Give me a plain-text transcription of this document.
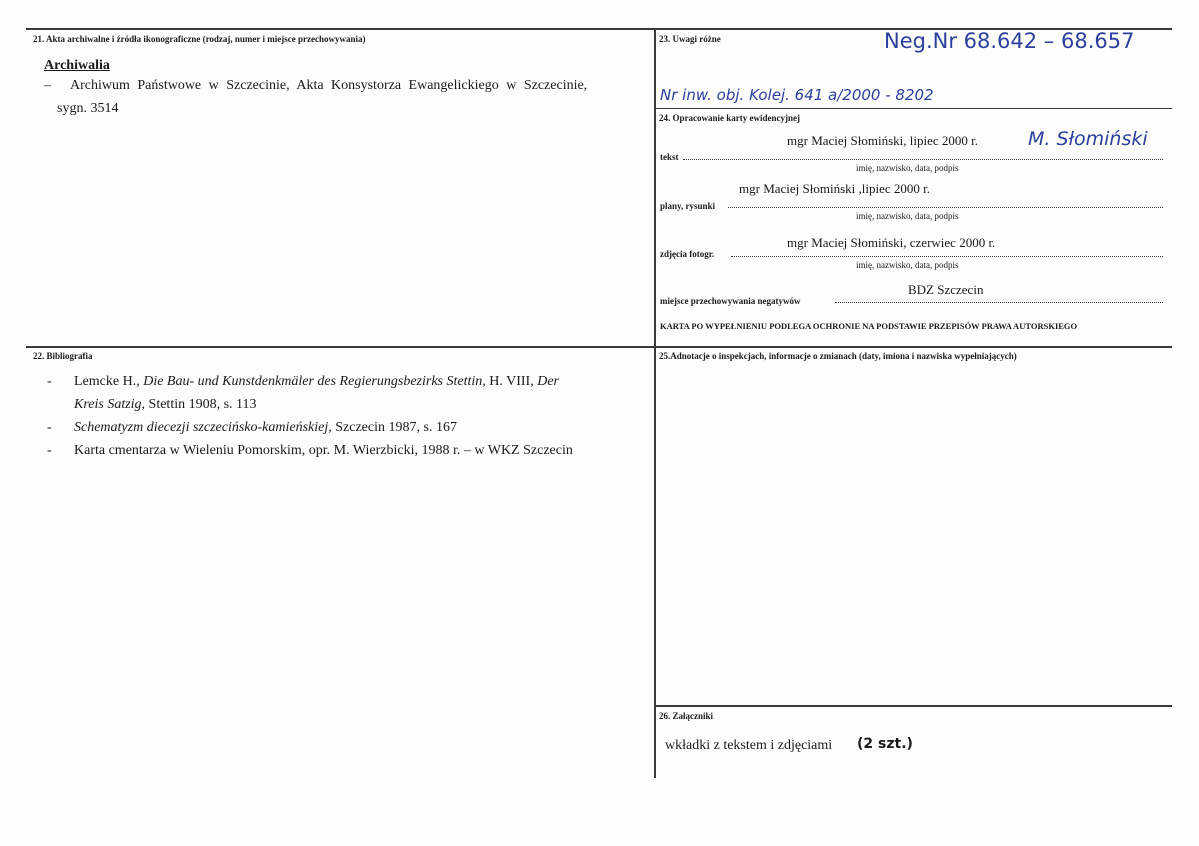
21. Akta archiwalne i źródła ikonograficzne (rodzaj, numer i miejsce przechowywania)
Archiwalia
– Archiwum Państwowe w Szczecinie, Akta Konsystorza Ewangelickiego w Szczecinie,
sygn. 3514
22. Bibliografia
- Lemcke H., Die Bau- und Kunstdenkmäler des Regierungsbezirks Stettin, H. VIII, Der
Kreis Satzig, Stettin 1908, s. 113
- Schematyzm diecezji szczecińsko-kamieńskiej, Szczecin 1987, s. 167
- Karta cmentarza w Wieleniu Pomorskim, opr. M. Wierzbicki, 1988 r. – w WKZ Szczecin
23. Uwagi różne	Neg.Nr 68.642 – 68.657
Nr inw. obj. Kolej. 641 a/2000 - 8202
24. Opracowanie karty ewidencyjnej
mgr Maciej Słomiński, lipiec 2000 r.	M. Słomiński
tekst
imię, nazwisko, data, podpis
mgr Maciej Słomiński ,lipiec 2000 r.
plany, rysunki
imię, nazwisko, data, podpis
mgr Maciej Słomiński, czerwiec 2000 r.
zdjęcia fotogr.
imię, nazwisko, data, podpis
BDZ Szczecin
miejsce przechowywania negatywów
KARTA PO WYPEŁNIENIU PODLEGA OCHRONIE NA PODSTAWIE PRZEPISÓW PRAWA AUTORSKIEGO
25.Adnotacje o inspekcjach, informacje o zmianach (daty, imiona i nazwiska wypełniających)
26. Załączniki
wkładki z tekstem i zdjęciami (2 szt.)
